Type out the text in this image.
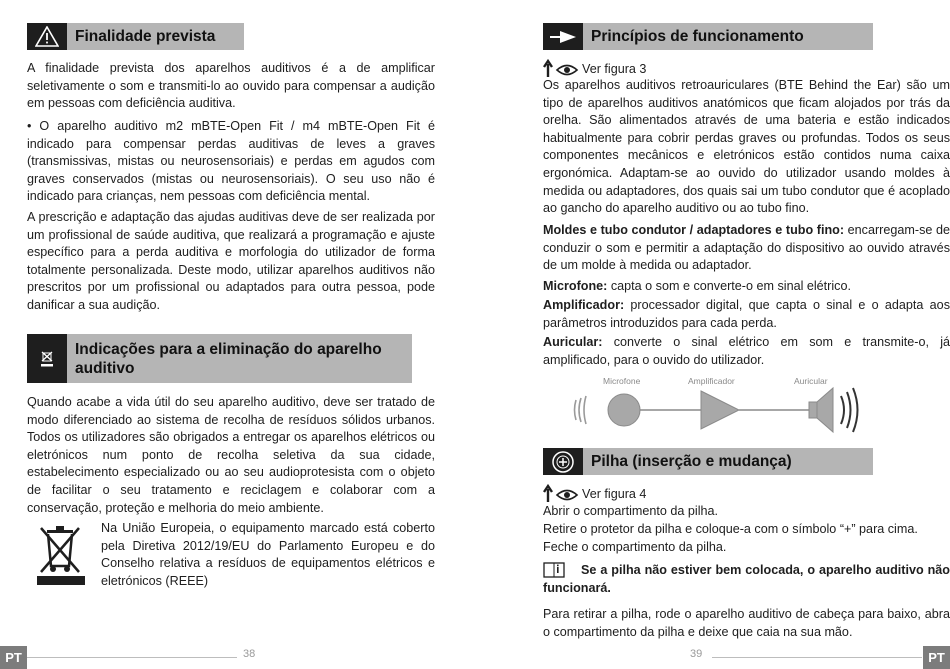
Finalidade prevista

A finalidade prevista dos aparelhos auditivos é a de amplificar seletivamente o som e transmiti-lo ao ouvido para compensar a audição em pessoas com deficiência auditiva.

• O aparelho auditivo m2 mBTE-Open Fit / m4 mBTE-Open Fit é indicado para compensar perdas auditivas de leves a graves (transmissivas, mistas ou neurosensoriais) e perdas em agudos com graves conservados (mistas ou neurosensoriais). O seu uso não é indicado para crianças, nem pessoas com deficiência mental.

A prescrição e adaptação das ajudas auditivas deve de ser realizada por um profissional de saúde auditiva, que realizará a programação e ajuste específico para a perda auditiva e morfologia do utilizador de forma totalmente personalizada. Deste modo, utilizar aparelhos auditivos não prescritos por um profissional ou adaptados para outra pessoa, pode danificar a sua audição.

Indicações para a eliminação do aparelho auditivo

Quando acabe a vida útil do seu aparelho auditivo, deve ser tratado de modo diferenciado ao sistema de recolha de resíduos sólidos urbanos. Todos os utilizadores são obrigados a entregar os aparelhos elétricos ou eletrónicos num ponto de recolha seletiva da sua cidade, estabelecimento especializado ou ao seu audioprotesista com o objeto de facilitar o seu tratamento e reciclagem e colaborar com a conservação, proteção e melhoria do meio ambiente.

Na União Europeia, o equipamento marcado está coberto pela Diretiva 2012/19/EU do Parlamento Europeu e do Conselho relativa a resíduos de equipamentos elétricos e eletrónicos (REEE)

PT	38
Princípios de funcionamento
Ver figura 3

Os aparelhos auditivos retroauriculares (BTE Behind the Ear) são um tipo de aparelhos auditivos anatómicos que ficam alojados por trás da orelha. São alimentados através de uma bateria e estão indicados habitualmente para cobrir perdas graves ou profundas. Todos os seus componentes mecânicos e eletrónicos estão contidos numa caixa ergonómica. Adaptam-se ao ouvido do utilizador usando moldes à medida ou adaptadores, dos quais sai um tubo condutor que é acoplado ao gancho do aparelho auditivo ou ao tubo fino.

Moldes e tubo condutor / adaptadores e tubo fino: encarregam-se de conduzir o som e permitir a adaptação do dispositivo ao ouvido através de um molde à medida ou adaptador.

Microfone: capta o som e converte-o em sinal elétrico.

Amplificador: processador digital, que capta o sinal e o adapta aos parâmetros introduzidos para cada perda.

Auricular: converte o sinal elétrico em som e transmite-o, já amplificado, para o ouvido do utilizador.

Microfone	Amplificador	Auricular
Pilha (inserção e mudança)
Ver figura 4

Abrir o compartimento da pilha.

Retire o protetor da pilha e coloque-a com o símbolo “+” para cima.

Feche o compartimento da pilha.

Se a pilha não estiver bem colocada, o aparelho auditivo não funcionará.

Para retirar a pilha, rode o aparelho auditivo de cabeça para baixo, abra o compartimento da pilha e deixe que caia na sua mão.

39	PT
